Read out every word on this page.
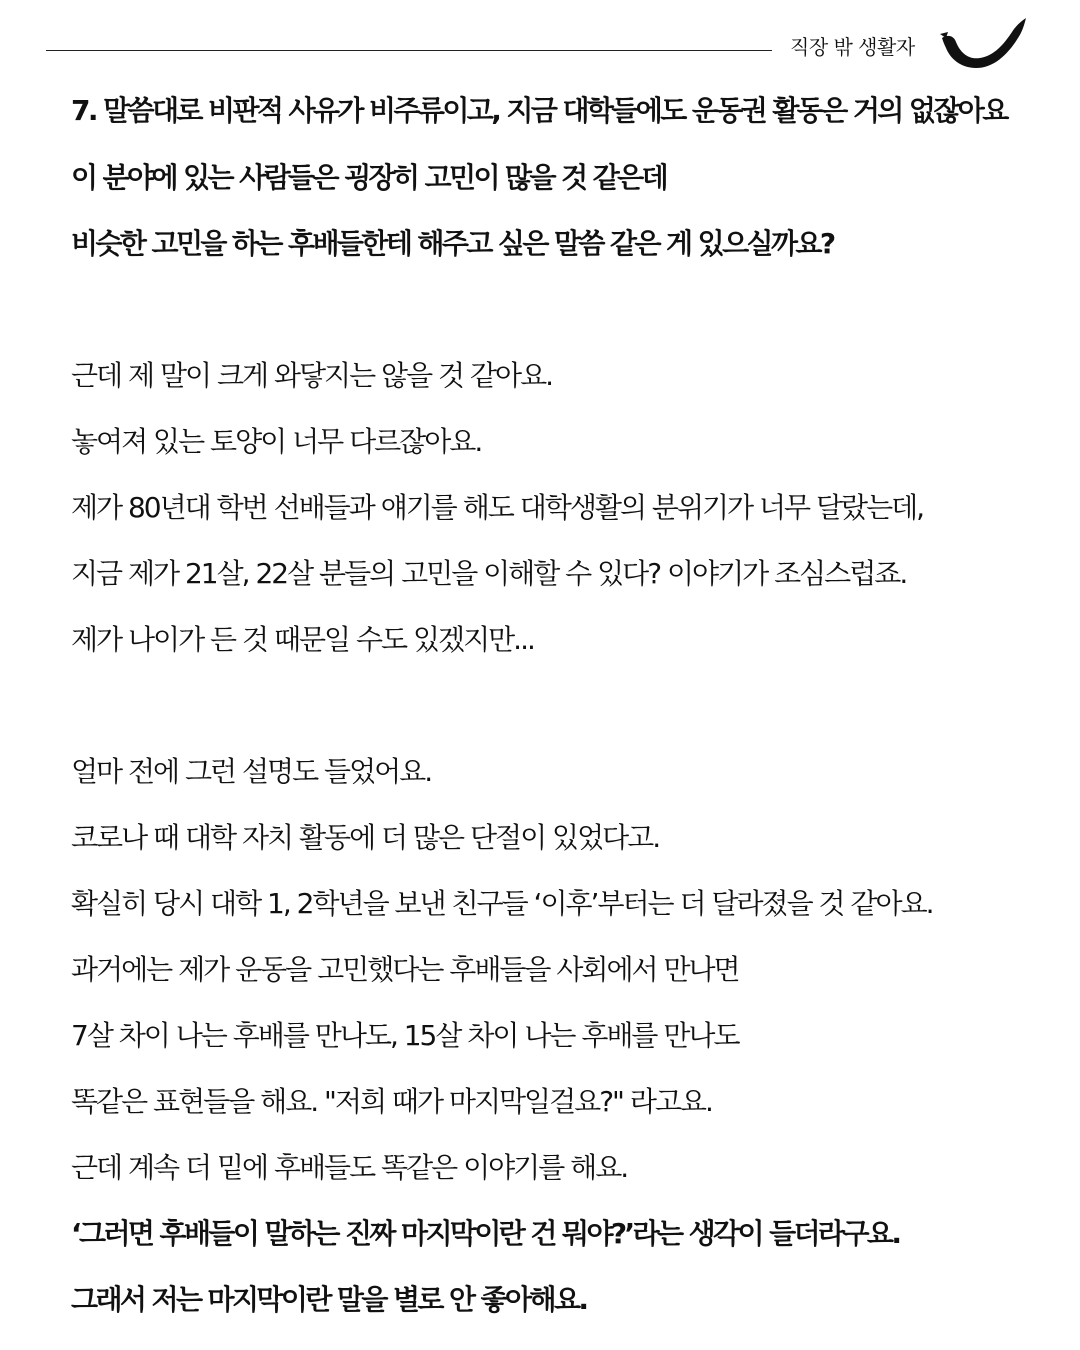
직장 밖 생활자

7. 말씀대로 비판적 사유가 비주류이고, 지금 대학들에도 운동권 활동은 거의 없잖아요

이 분야에 있는 사람들은 굉장히 고민이 많을 것 같은데

비슷한 고민을 하는 후배들한테 해주고 싶은 말씀 같은 게 있으실까요?

근데 제 말이 크게 와닿지는 않을 것 같아요.

놓여져 있는 토양이 너무 다르잖아요.

제가 80년대 학번 선배들과 얘기를 해도 대학생활의 분위기가 너무 달랐는데,

지금 제가 21살, 22살 분들의 고민을 이해할 수 있다? 이야기가 조심스럽죠.

제가 나이가 든 것 때문일 수도 있겠지만...

얼마 전에 그런 설명도 들었어요.

코로나 때 대학 자치 활동에 더 많은 단절이 있었다고.

확실히 당시 대학 1, 2학년을 보낸 친구들 ‘이후’부터는 더 달라졌을 것 같아요.

과거에는 제가 운동을 고민했다는 후배들을 사회에서 만나면

7살 차이 나는 후배를 만나도, 15살 차이 나는 후배를 만나도

똑같은 표현들을 해요. "저희 때가 마지막일걸요?" 라고요.

근데 계속 더 밑에 후배들도 똑같은 이야기를 해요.

‘그러면 후배들이 말하는 진짜 마지막이란 건 뭐야?’라는 생각이 들더라구요.

그래서 저는 마지막이란 말을 별로 안 좋아해요.
